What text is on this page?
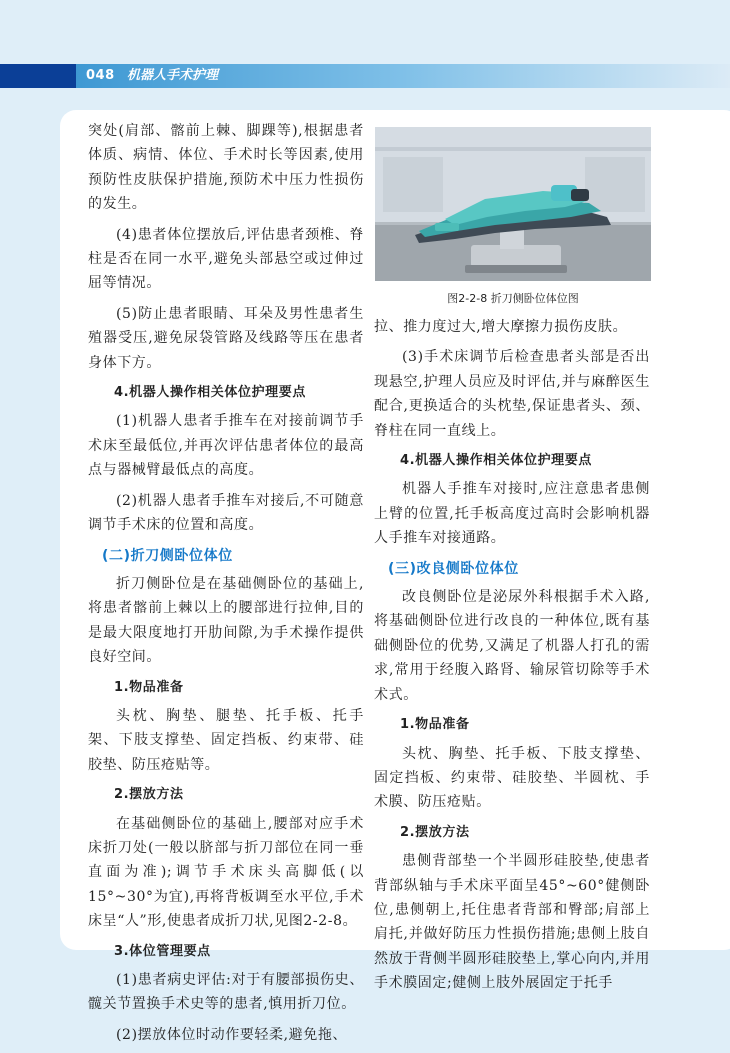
048 机器人手术护理

突处(肩部、髂前上棘、脚踝等),根据患者体质、病情、体位、手术时长等因素,使用预防性皮肤保护措施,预防术中压力性损伤的发生。

(4)患者体位摆放后,评估患者颈椎、脊柱是否在同一水平,避免头部悬空或过伸过屈等情况。

(5)防止患者眼睛、耳朵及男性患者生殖器受压,避免尿袋管路及线路等压在患者身体下方。

4.机器人操作相关体位护理要点

(1)机器人患者手推车在对接前调节手术床至最低位,并再次评估患者体位的最高点与器械臂最低点的高度。

(2)机器人患者手推车对接后,不可随意调节手术床的位置和高度。

(二)折刀侧卧位体位

折刀侧卧位是在基础侧卧位的基础上,将患者髂前上棘以上的腰部进行拉伸,目的是最大限度地打开肋间隙,为手术操作提供良好空间。

1.物品准备

头枕、胸垫、腿垫、托手板、托手架、下肢支撑垫、固定挡板、约束带、硅胶垫、防压疮贴等。

2.摆放方法

在基础侧卧位的基础上,腰部对应手术床折刀处(一般以脐部与折刀部位在同一垂直面为准);调节手术床头高脚低(以15°~30°为宜),再将背板调至水平位,手术床呈“人”形,使患者成折刀状,见图2-2-8。

3.体位管理要点

(1)患者病史评估:对于有腰部损伤史、髋关节置换手术史等的患者,慎用折刀位。

(2)摆放体位时动作要轻柔,避免拖、

图2-2-8 折刀侧卧位体位图

拉、推力度过大,增大摩擦力损伤皮肤。

(3)手术床调节后检查患者头部是否出现悬空,护理人员应及时评估,并与麻醉医生配合,更换适合的头枕垫,保证患者头、颈、脊柱在同一直线上。

4.机器人操作相关体位护理要点

机器人手推车对接时,应注意患者患侧上臂的位置,托手板高度过高时会影响机器人手推车对接通路。

(三)改良侧卧位体位

改良侧卧位是泌尿外科根据手术入路,将基础侧卧位进行改良的一种体位,既有基础侧卧位的优势,又满足了机器人打孔的需求,常用于经腹入路肾、输尿管切除等手术术式。

1.物品准备

头枕、胸垫、托手板、下肢支撑垫、固定挡板、约束带、硅胶垫、半圆枕、手术膜、防压疮贴。

2.摆放方法

患侧背部垫一个半圆形硅胶垫,使患者背部纵轴与手术床平面呈45°~60°健侧卧位,患侧朝上,托住患者背部和臀部;肩部上肩托,并做好防压力性损伤措施;患侧上肢自然放于背侧半圆形硅胶垫上,掌心向内,并用手术膜固定;健侧上肢外展固定于托手
